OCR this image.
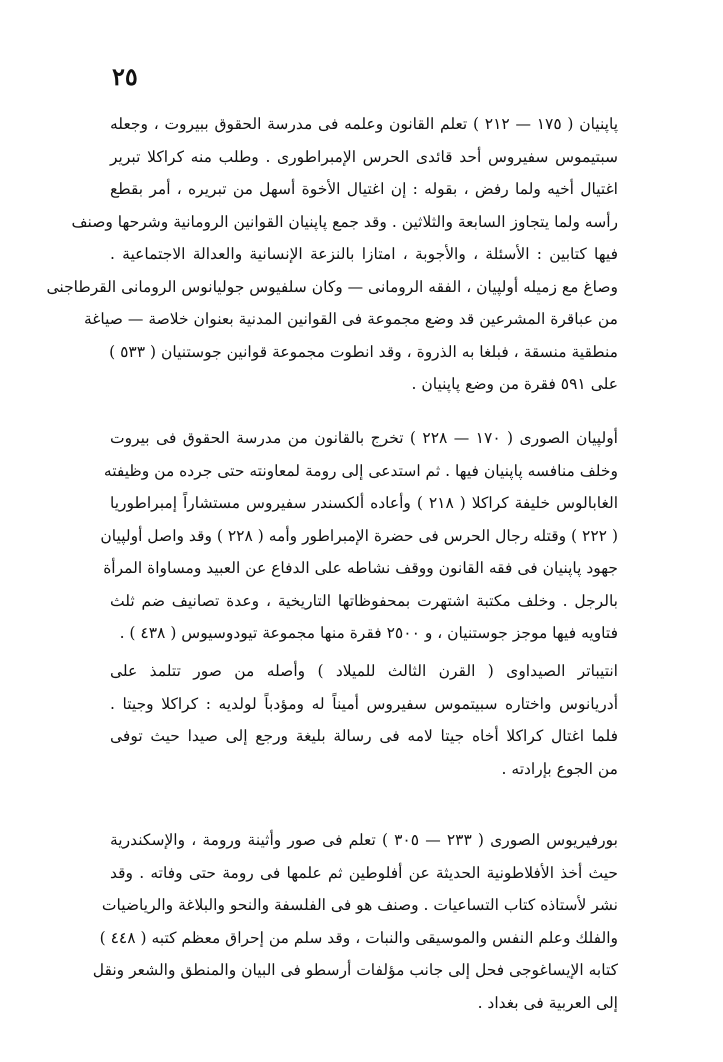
٢٥
پاپنیان ( ١٧٥ — ٢١٢ ) تعلم القانون وعلمه فى مدرسة الحقوق ببيروت ، وجعله
سبتيموس سفيروس أحد قائدى الحرس الإمبراطورى . وطلب منه كراكلا تبرير
اغتيال أخيه ولما رفض ، بقوله : إن اغتيال الأخوة أسهل من تبريره ، أمر بقطع
رأسه ولما يتجاوز السابعة والثلاثين . وقد جمع پاپنیان القوانين الرومانية وشرحها وصنف
فيها كتابين : الأسئلة ، والأجوبة ، امتازا بالنزعة الإنسانية والعدالة الاجتماعية .
وصاغ مع زميله أولپیان ، الفقه الرومانى — وكان سلفيوس جوليانوس الرومانى القرطاجنى
من عباقرة المشرعين قد وضع مجموعة فى القوانين المدنية بعنوان خلاصة — صياغة
منطقية منسقة ، فبلغا به الذروة ، وقد انطوت مجموعة قوانين جوستنيان ( ٥٣٣ )
على ٥٩١ فقرة من وضع پاپنیان .
أولپیان الصورى ( ١٧٠ — ٢٢٨ ) تخرج بالقانون من مدرسة الحقوق فى بيروت
وخلف منافسه پاپنیان فيها . ثم استدعى إلى رومة لمعاونته حتى جرده من وظيفته
الغابالوس خليفة كراكلا ( ٢١٨ ) وأعاده ألكسندر سفيروس مستشاراً إمبراطوريا
( ٢٢٢ ) وقتله رجال الحرس فى حضرة الإمبراطور وأمه ( ٢٢٨ ) وقد واصل أولپیان
جهود پاپنیان فى فقه القانون ووقف نشاطه على الدفاع عن العبيد ومساواة المرأة
بالرجل . وخلف مكتبة اشتهرت بمحفوظاتها التاريخية ، وعدة تصانيف ضم ثلث
فتاويه فيها موجز جوستنيان ، و ٢٥٠٠ فقرة منها مجموعة تيودوسيوس ( ٤٣٨ ) .
انتيباتر الصيداوى ( القرن الثالث للميلاد ) وأصله من صور تتلمذ على
أدريانوس واختاره سبيتموس سفيروس أميناً له ومؤدباً لولديه : كراكلا وجيتا .
فلما اغتال كراكلا أخاه جيتا لامه فى رسالة بليغة ورجع إلى صيدا حيث توفى
من الجوع بإرادته .
بورفيريوس الصورى ( ٢٣٣ — ٣٠٥ ) تعلم فى صور وأثينة ورومة ، والإسكندرية
حيث أخذ الأفلاطونية الحديثة عن أفلوطين ثم علمها فى رومة حتى وفاته . وقد
نشر لأستاذه كتاب التساعيات . وصنف هو فى الفلسفة والنحو والبلاغة والرياضيات
والفلك وعلم النفس والموسيقى والنبات ، وقد سلم من إحراق معظم كتبه ( ٤٤٨ )
كتابه الإيساغوجى فحل إلى جانب مؤلفات أرسطو فى البيان والمنطق والشعر ونقل
إلى العربية فى بغداد .
